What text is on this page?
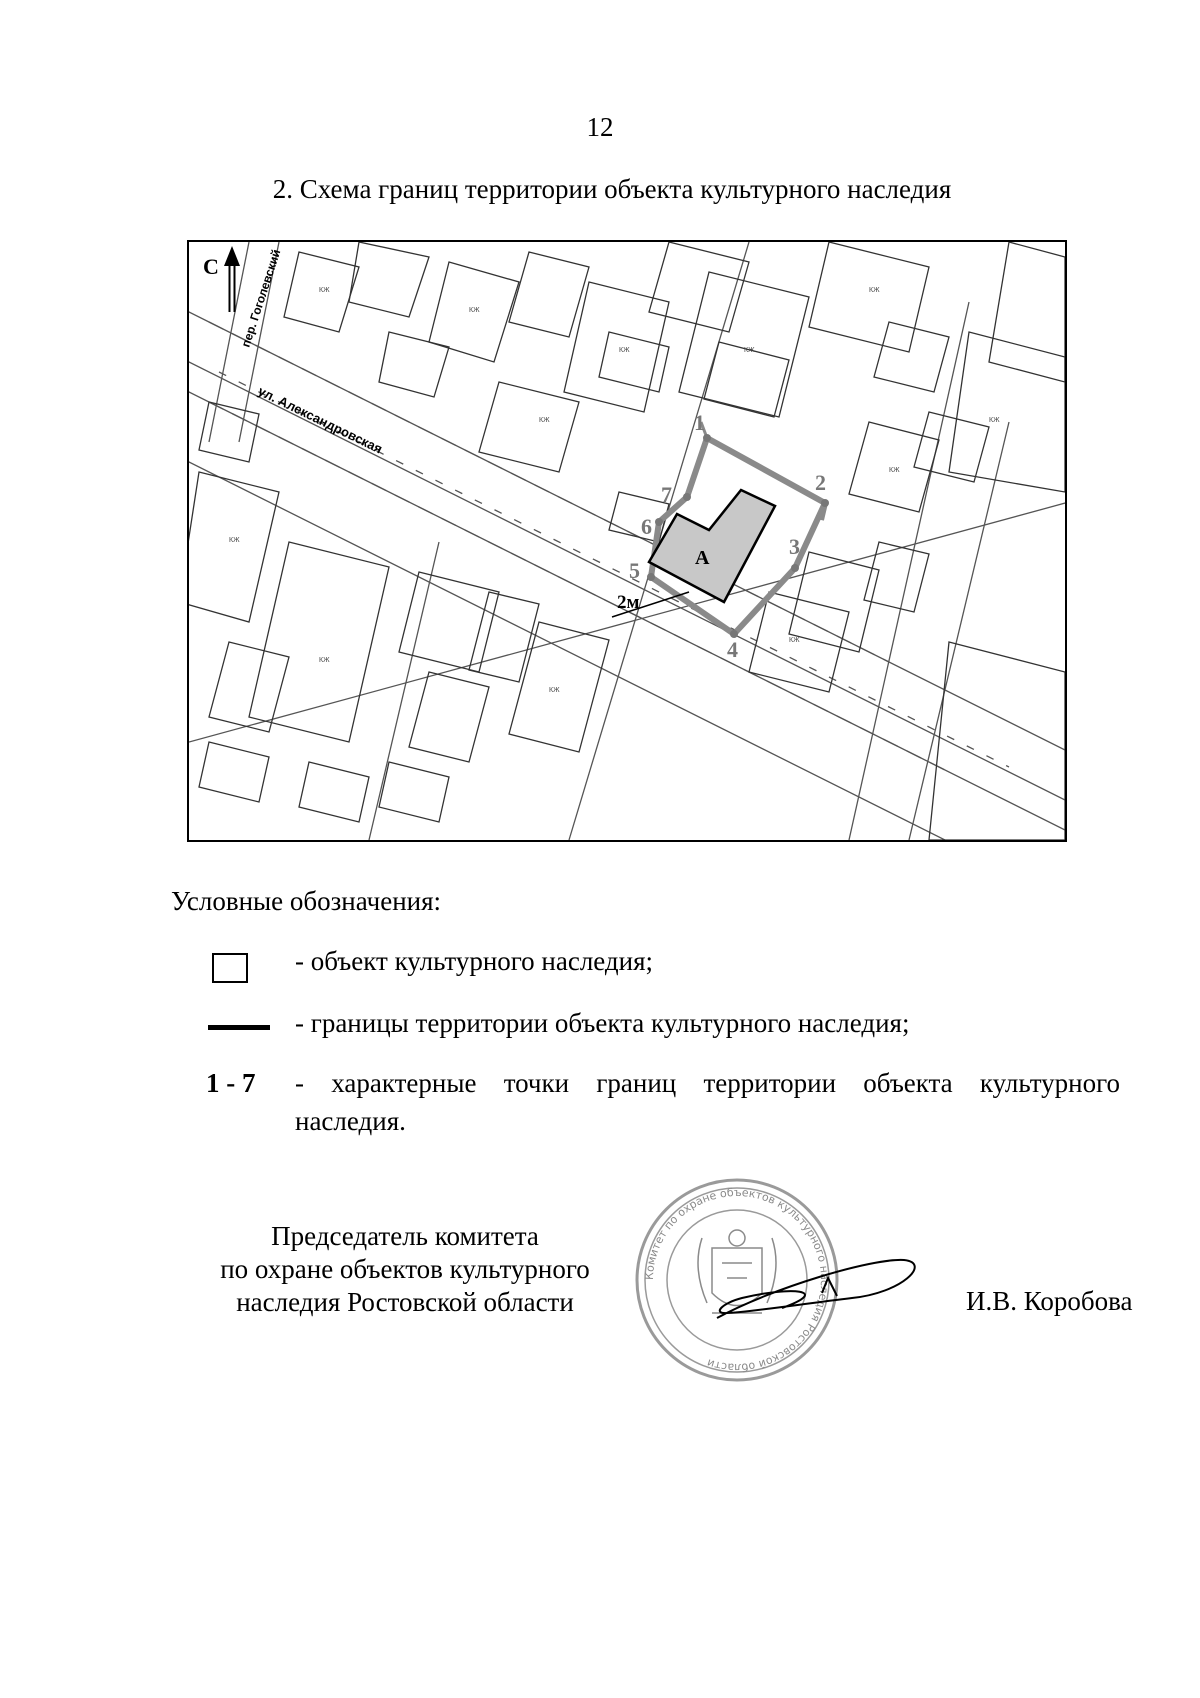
12
2. Схема границ территории объекта культурного наследия
КЖ
КЖ
КЖ
КЖ	КЖ
КЖ
КЖ
КЖ
КЖ
КЖ
КЖ
КЖ
А
1
2
3
4
5
6
7
2м
С пер. Гоголевский
ул. Александровская
Условные обозначения:
- объект культурного наследия;
- границы территории объекта культурного наследия;
1 - 7 - характерные точки границ территории объекта культурного
наследия.
Председатель комитета
по охране объектов культурного
наследия Ростовской области
Комитет по охране объектов культурного наследия Ростовской области
И.В. Коробова
